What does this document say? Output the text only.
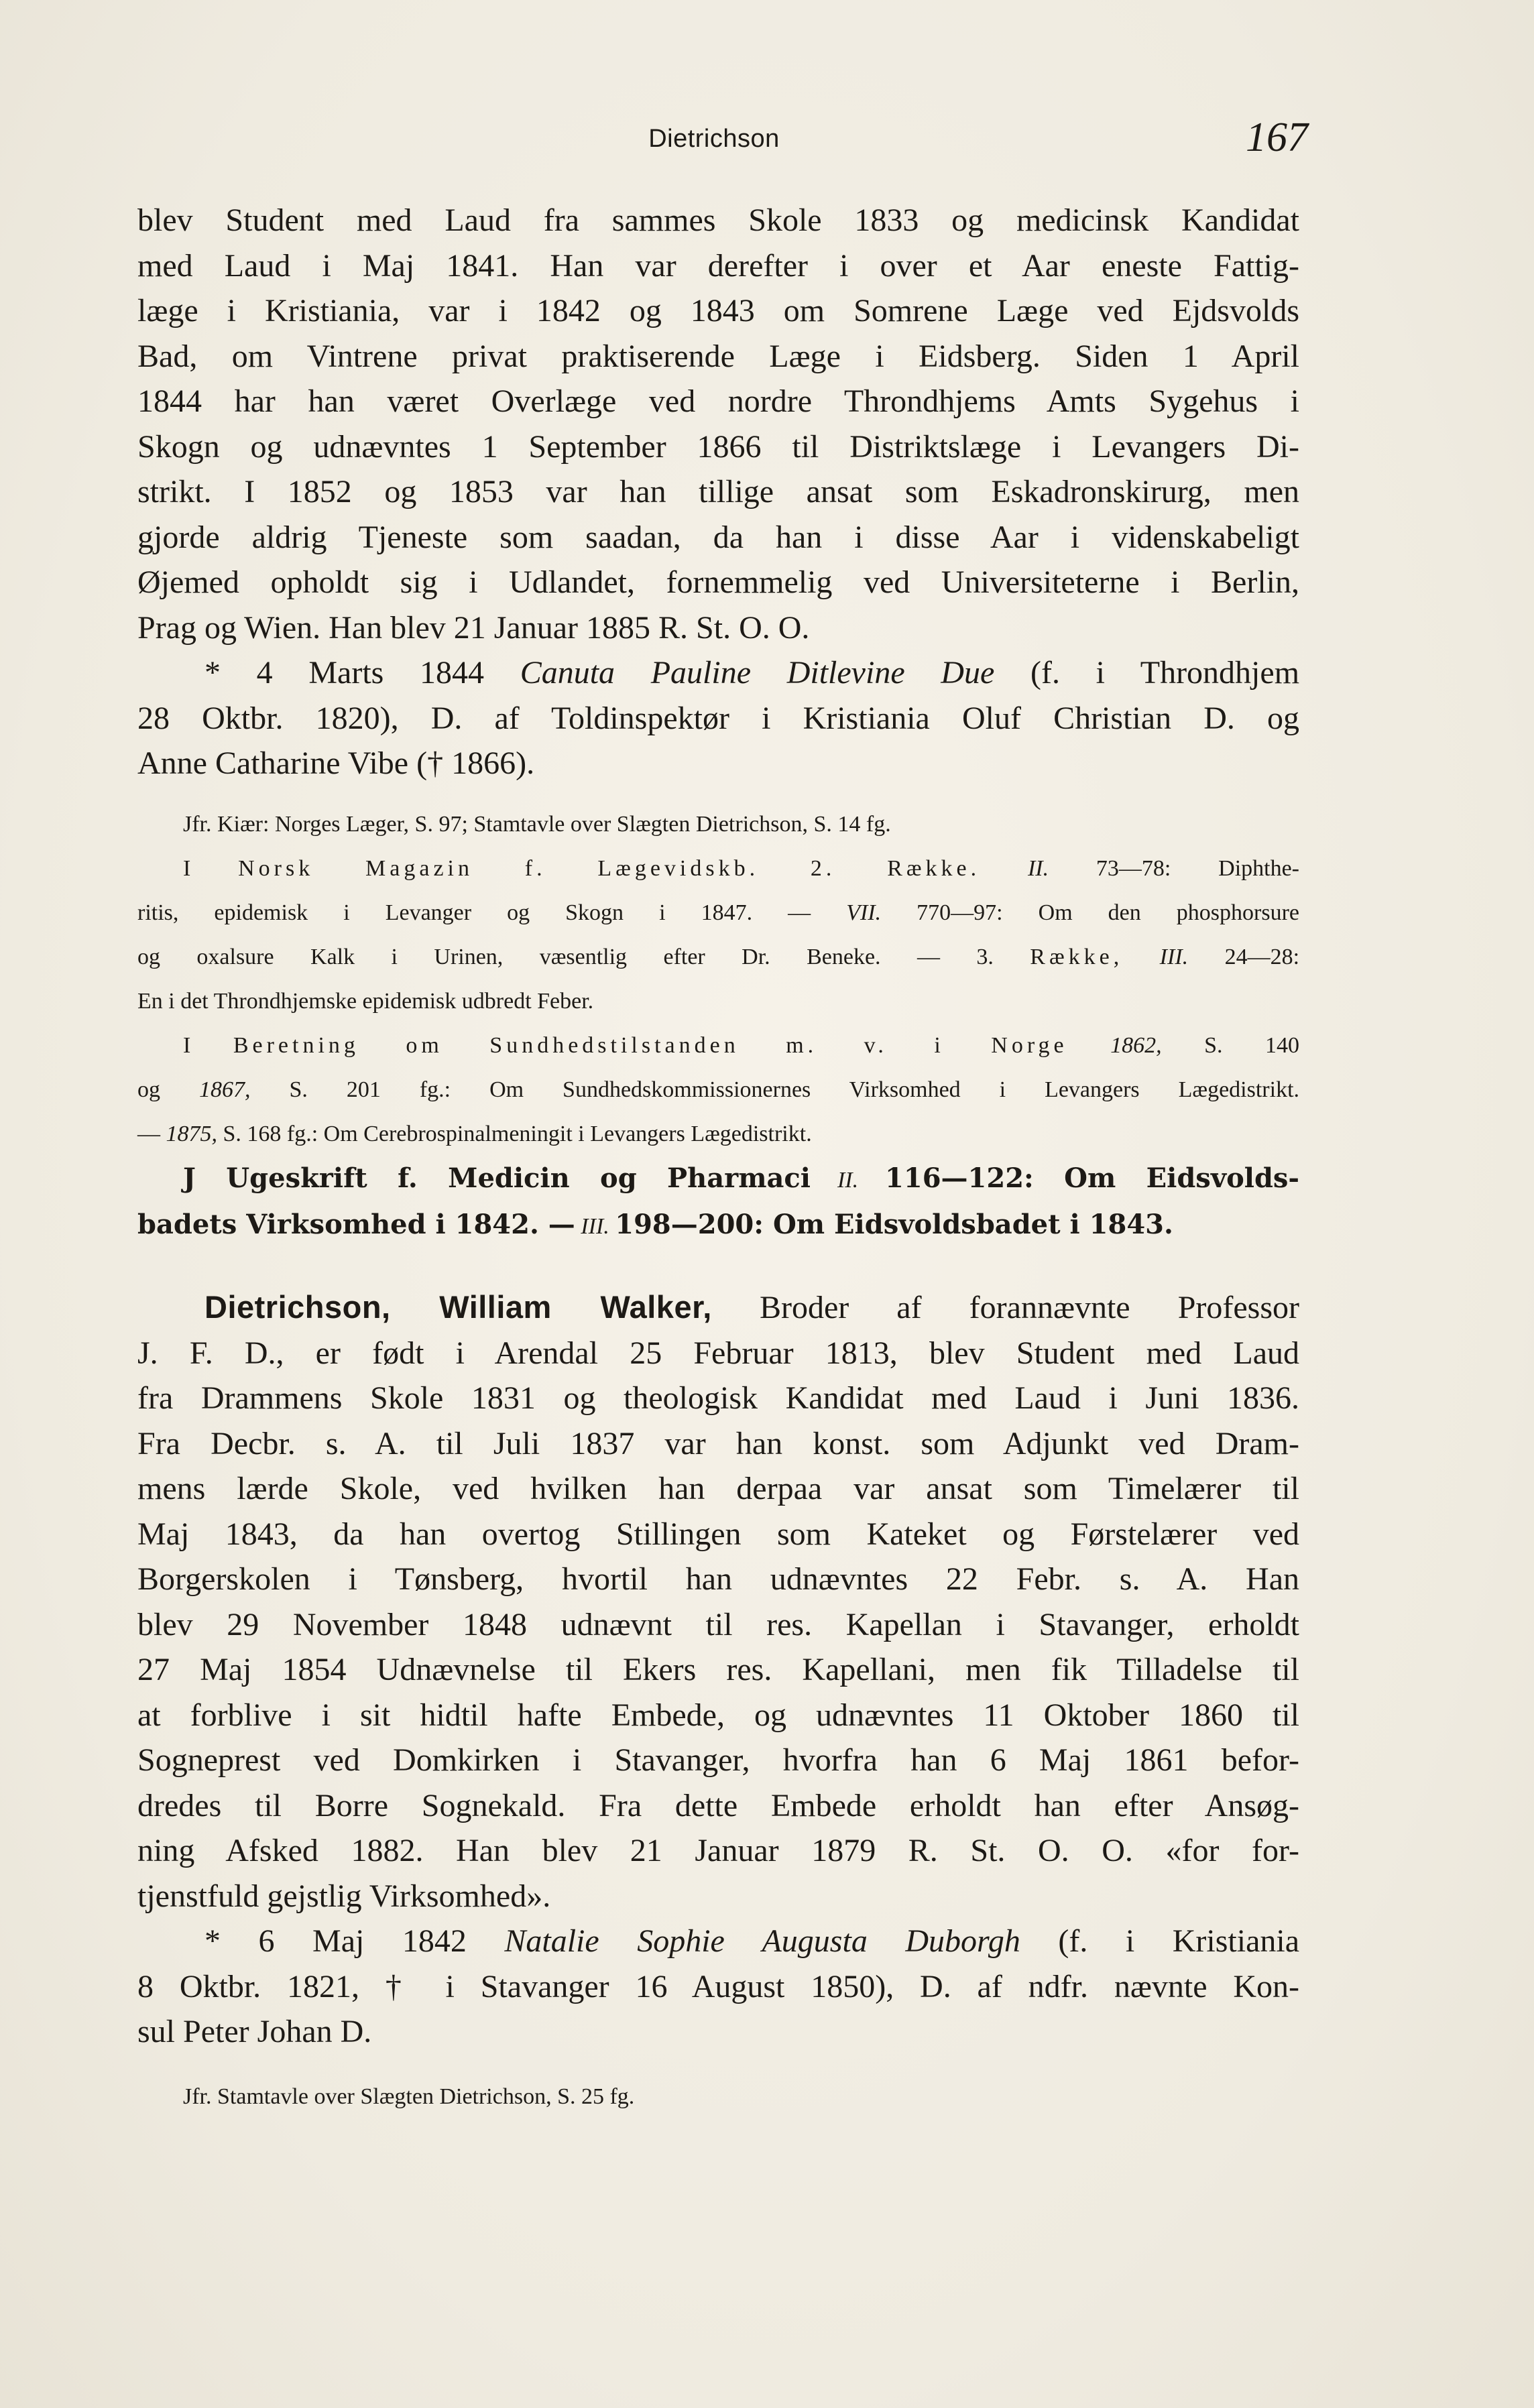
Dietrichson	167
blev Student med Laud fra sammes Skole 1833 og medicinsk Kandidat
med Laud i Maj 1841. Han var derefter i over et Aar eneste Fattig-
læge i Kristiania, var i 1842 og 1843 om Somrene Læge ved Ejdsvolds
Bad, om Vintrene privat praktiserende Læge i Eidsberg. Siden 1 April
1844 har han været Overlæge ved nordre Throndhjems Amts Sygehus i
Skogn og udnævntes 1 September 1866 til Distriktslæge i Levangers Di-
strikt. I 1852 og 1853 var han tillige ansat som Eskadronskirurg, men
gjorde aldrig Tjeneste som saadan, da han i disse Aar i videnskabeligt
Øjemed opholdt sig i Udlandet, fornemmelig ved Universiteterne i Berlin,
Prag og Wien. Han blev 21 Januar 1885 R. St. O. O.
* 4 Marts 1844 Canuta Pauline Ditlevine Due (f. i Throndhjem
28 Oktbr. 1820), D. af Toldinspektør i Kristiania Oluf Christian D. og
Anne Catharine Vibe († 1866).
Jfr. Kiær: Norges Læger, S. 97; Stamtavle over Slægten Dietrichson, S. 14 fg.
I Norsk Magazin f. Lægevidskb. 2. Række. II. 73—78: Diphthe-
ritis, epidemisk i Levanger og Skogn i 1847. — VII. 770—97: Om den phosphorsure
og oxalsure Kalk i Urinen, væsentlig efter Dr. Beneke. — 3. Række, III. 24—28:
En i det Throndhjemske epidemisk udbredt Feber.
I Beretning om Sundhedstilstanden m. v. i Norge 1862, S. 140
og 1867, S. 201 fg.: Om Sundhedskommissionernes Virksomhed i Levangers Lægedistrikt.
— 1875, S. 168 fg.: Om Cerebrospinalmeningit i Levangers Lægedistrikt.
J Ugeskrift f. Medicin og Pharmaci II. 116—122: Om Eidsvolds-
badets Virksomhed i 1842. — III. 198—200: Om Eidsvoldsbadet i 1843.
Dietrichson, William Walker, Broder af forannævnte Professor
J. F. D., er født i Arendal 25 Februar 1813, blev Student med Laud
fra Drammens Skole 1831 og theologisk Kandidat med Laud i Juni 1836.
Fra Decbr. s. A. til Juli 1837 var han konst. som Adjunkt ved Dram-
mens lærde Skole, ved hvilken han derpaa var ansat som Timelærer til
Maj 1843, da han overtog Stillingen som Kateket og Førstelærer ved
Borgerskolen i Tønsberg, hvortil han udnævntes 22 Febr. s. A. Han
blev 29 November 1848 udnævnt til res. Kapellan i Stavanger, erholdt
27 Maj 1854 Udnævnelse til Ekers res. Kapellani, men fik Tilladelse til
at forblive i sit hidtil hafte Embede, og udnævntes 11 Oktober 1860 til
Sogneprest ved Domkirken i Stavanger, hvorfra han 6 Maj 1861 befor-
dredes til Borre Sognekald. Fra dette Embede erholdt han efter Ansøg-
ning Afsked 1882. Han blev 21 Januar 1879 R. St. O. O. «for for-
tjenstfuld gejstlig Virksomhed».
* 6 Maj 1842 Natalie Sophie Augusta Duborgh (f. i Kristiania
8 Oktbr. 1821, † i Stavanger 16 August 1850), D. af ndfr. nævnte Kon-
sul Peter Johan D.
Jfr. Stamtavle over Slægten Dietrichson, S. 25 fg.
